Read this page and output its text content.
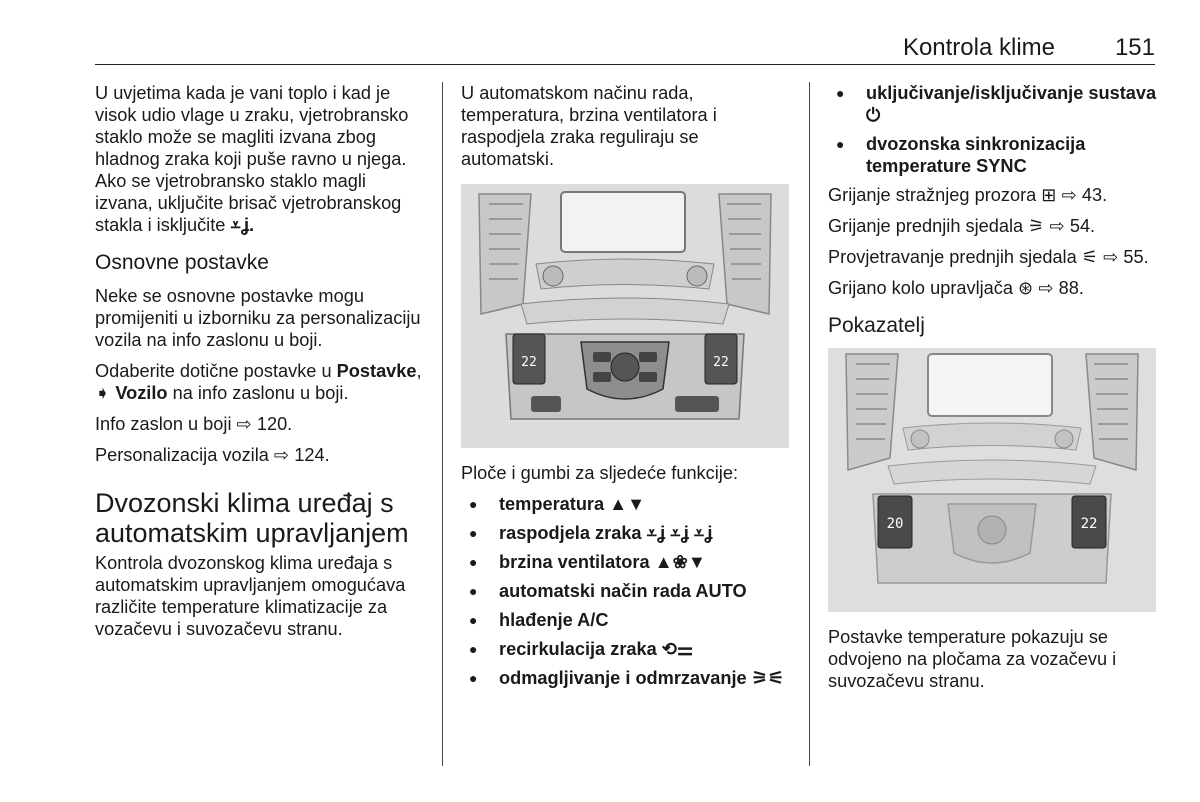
Kontrola klime 151

U uvjetima kada je vani toplo i kad je visok udio vlage u zraku, vjetrobransko staklo može se magliti izvana zbog hladnog zraka koji puše ravno u njega. Ako se vjetrobransko staklo magli izvana, uključite brisač vjetrobranskog stakla i isključite ⩡ʝ.

Osnovne postavke

Neke se osnovne postavke mogu promijeniti u izborniku za personalizaciju vozila na info zaslonu u boji.

Odaberite dotične postavke u Postavke, ➧ Vozilo na info zaslonu u boji.

Info zaslon u boji ⇨ 120.

Personalizacija vozila ⇨ 124.

Dvozonski klima uređaj s automatskim upravljanjem

Kontrola dvozonskog klima uređaja s automatskim upravljanjem omogućava različite temperature klimatizacije za vozačevu i suvozačevu stranu.

U automatskom načinu rada, temperatura, brzina ventilatora i raspodjela zraka reguliraju se automatski.

22	22

Ploče i gumbi za sljedeće funkcije:

● temperatura ▲▼
● raspodjela zraka ⩡ʝ ⩡ʝ ⩡ʝ
● brzina ventilatora ▲❀▼
● automatski način rada AUTO
● hlađenje A/C
● recirkulacija zraka ⟲⚌
● odmagljivanje i odmrzavanje ⚞⚟
● uključivanje/isključivanje sustava ⏻
● dvozonska sinkronizacija temperature SYNC

Grijanje stražnjeg prozora ⊞ ⇨ 43.

Grijanje prednjih sjedala ⚞ ⇨ 54.

Provjetravanje prednjih sjedala ⚟ ⇨ 55.

Grijano kolo upravljača ⊛ ⇨ 88.

Pokazatelj
20	22

Postavke temperature pokazuju se odvojeno na pločama za vozačevu i suvozačevu stranu.
